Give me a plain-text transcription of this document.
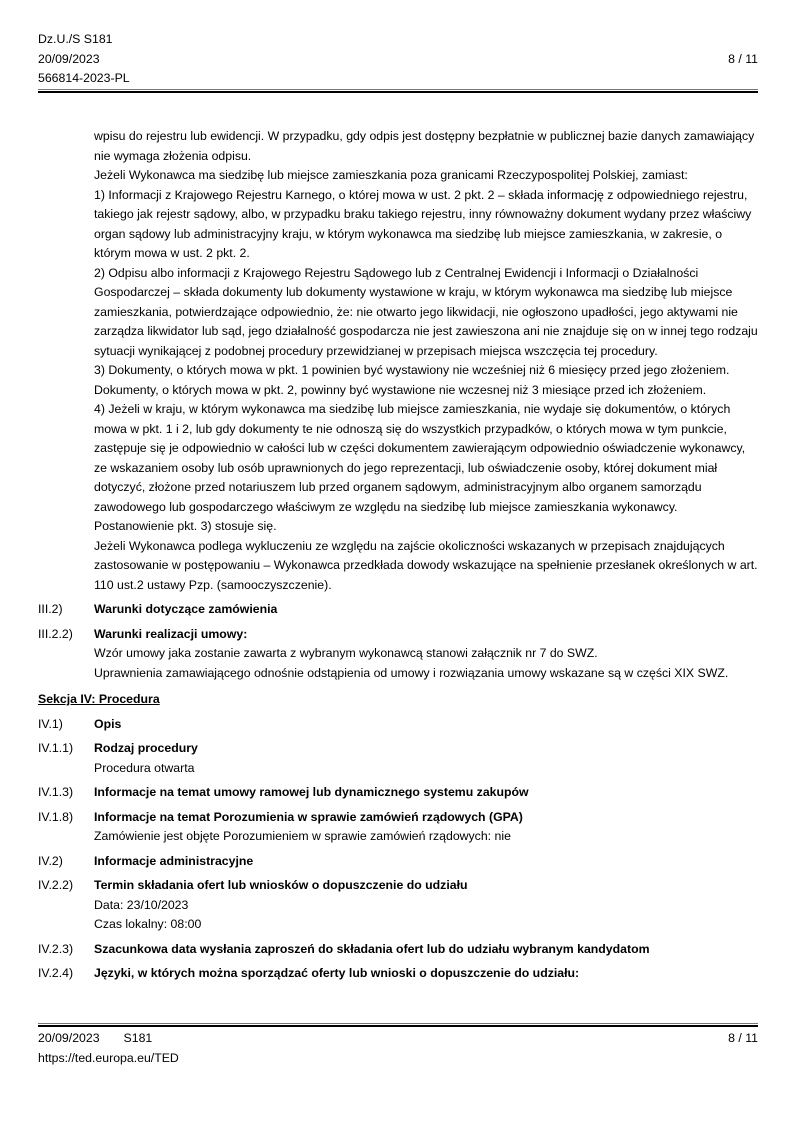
Dz.U./S S181
20/09/2023	8 / 11
566814-2023-PL

wpisu do rejestru lub ewidencji. W przypadku, gdy odpis jest dostępny bezpłatnie w publicznej bazie danych zamawiający nie wymaga złożenia odpisu.

Jeżeli Wykonawca ma siedzibę lub miejsce zamieszkania poza granicami Rzeczypospolitej Polskiej, zamiast:

1) Informacji z Krajowego Rejestru Karnego, o której mowa w ust. 2 pkt. 2 – składa informację z odpowiedniego rejestru, takiego jak rejestr sądowy, albo, w przypadku braku takiego rejestru, inny równoważny dokument wydany przez właściwy organ sądowy lub administracyjny kraju, w którym wykonawca ma siedzibę lub miejsce zamieszkania, w zakresie, o którym mowa w ust. 2 pkt. 2.

2) Odpisu albo informacji z Krajowego Rejestru Sądowego lub z Centralnej Ewidencji i Informacji o Działalności Gospodarczej – składa dokumenty lub dokumenty wystawione w kraju, w którym wykonawca ma siedzibę lub miejsce zamieszkania, potwierdzające odpowiednio, że: nie otwarto jego likwidacji, nie ogłoszono upadłości, jego aktywami nie zarządza likwidator lub sąd, jego działalność gospodarcza nie jest zawieszona ani nie znajduje się on w innej tego rodzaju sytuacji wynikającej z podobnej procedury przewidzianej w przepisach miejsca wszczęcia tej procedury.

3) Dokumenty, o których mowa w pkt. 1 powinien być wystawiony nie wcześniej niż 6 miesięcy przed jego złożeniem. Dokumenty, o których mowa w pkt. 2, powinny być wystawione nie wczesnej niż 3 miesiące przed ich złożeniem.

4) Jeżeli w kraju, w którym wykonawca ma siedzibę lub miejsce zamieszkania, nie wydaje się dokumentów, o których mowa w pkt. 1 i 2, lub gdy dokumenty te nie odnoszą się do wszystkich przypadków, o których mowa w tym punkcie, zastępuje się je odpowiednio w całości lub w części dokumentem zawierającym odpowiednio oświadczenie wykonawcy, ze wskazaniem osoby lub osób uprawnionych do jego reprezentacji, lub oświadczenie osoby, której dokument miał dotyczyć, złożone przed notariuszem lub przed organem sądowym, administracyjnym albo organem samorządu zawodowego lub gospodarczego właściwym ze względu na siedzibę lub miejsce zamieszkania wykonawcy. Postanowienie pkt. 3) stosuje się.

Jeżeli Wykonawca podlega wykluczeniu ze względu na zajście okoliczności wskazanych w przepisach znajdujących zastosowanie w postępowaniu – Wykonawca przedkłada dowody wskazujące na spełnienie przesłanek określonych w art. 110 ust.2 ustawy Pzp. (samooczyszczenie).

III.2)	Warunki dotyczące zamówienia
III.2.2)	Warunki realizacji umowy:

Wzór umowy jaka zostanie zawarta z wybranym wykonawcą stanowi załącznik nr 7 do SWZ.

Uprawnienia zamawiającego odnośnie odstąpienia od umowy i rozwiązania umowy wskazane są w części XIX SWZ.

Sekcja IV: Procedura
IV.1)	Opis
IV.1.1)	Rodzaj procedury

Procedura otwarta

IV.1.3)	Informacje na temat umowy ramowej lub dynamicznego systemu zakupów
IV.1.8)	Informacje na temat Porozumienia w sprawie zamówień rządowych (GPA)

Zamówienie jest objęte Porozumieniem w sprawie zamówień rządowych: nie

IV.2)	Informacje administracyjne
IV.2.2)	Termin składania ofert lub wniosków o dopuszczenie do udziału

Data: 23/10/2023

Czas lokalny: 08:00

IV.2.3)	Szacunkowa data wysłania zaproszeń do składania ofert lub do udziału wybranym kandydatom
IV.2.4)	Języki, w których można sporządzać oferty lub wnioski o dopuszczenie do udziału:
20/09/2023 S181	8 / 11
https://ted.europa.eu/TED
